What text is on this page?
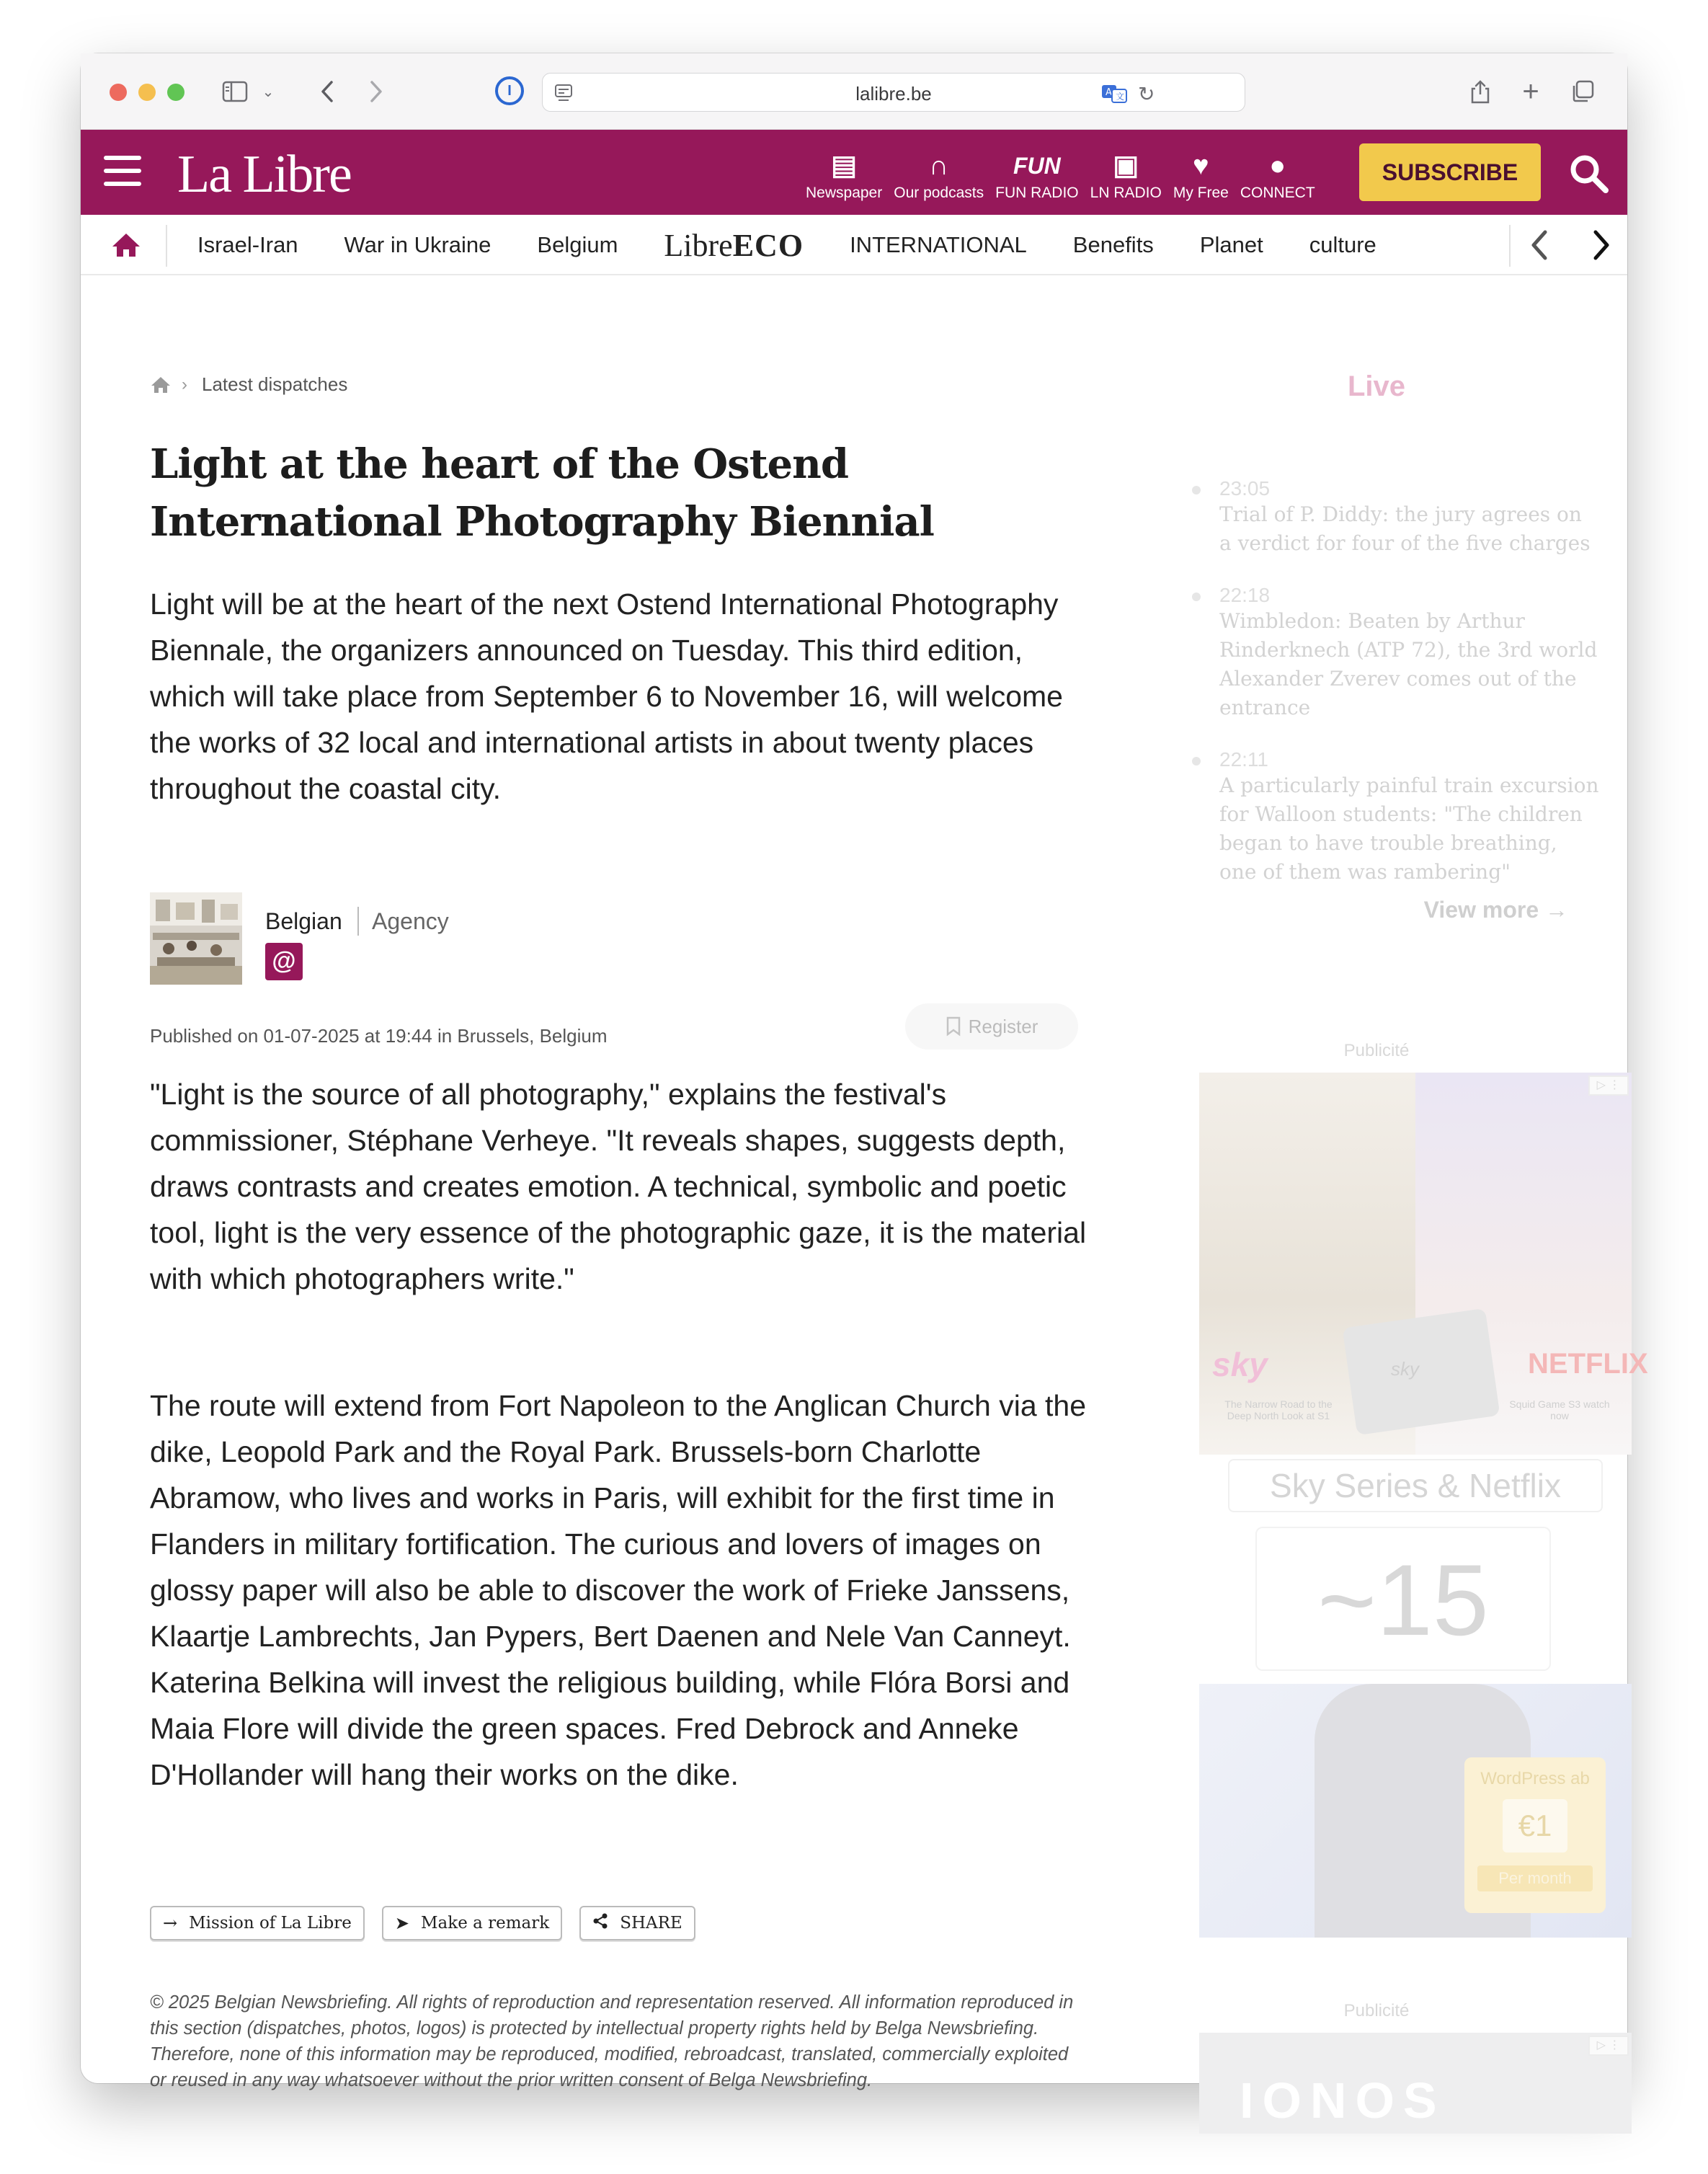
⌄	I	lalibre.be	A 文 ↻	+
La Libre	▤
Newspaper
∩
Our podcasts
FUN
FUN RADIO
▣
LN RADIO
♥
My Free
●
CONNECT
SUBSCRIBE
Israel-Iran	War in Ukraine	Belgium	LibreECO	INTERNATIONAL	Benefits	Planet	culture
› Latest dispatches
Light at the heart of the Ostend International Photography Biennial

Light will be at the heart of the next Ostend International Photography Biennale, the organizers announced on Tuesday. This third edition, which will take place from September 6 to November 16, will welcome the works of 32 local and international artists in about twenty places throughout the coastal city.

Belgian Agency
@
Published on 01-07-2025 at 19:44 in Brussels, Belgium	Register

"Light is the source of all photography," explains the festival's commissioner, Stéphane Verheye. "It reveals shapes, suggests depth, draws contrasts and creates emotion. A technical, symbolic and poetic tool, light is the very essence of the photographic gaze, it is the material with which photographers write."

The route will extend from Fort Napoleon to the Anglican Church via the dike, Leopold Park and the Royal Park. Brussels-born Charlotte Abramow, who lives and works in Paris, will exhibit for the first time in Flanders in military fortification. The curious and lovers of images on glossy paper will also be able to discover the work of Frieke Janssens, Klaartje Lambrechts, Jan Pypers, Bert Daenen and Nele Van Canneyt. Katerina Belkina will invest the religious building, while Flóra Borsi and Maia Flore will divide the green spaces. Fred Debrock and Anneke D'Hollander will hang their works on the dike.

→ Mission of La Libre	➤ Make a remark	SHARE

© 2025 Belgian Newsbriefing. All rights of reproduction and representation reserved. All information reproduced in this section (dispatches, photos, logos) is protected by intellectual property rights held by Belga Newsbriefing. Therefore, none of this information may be reproduced, modified, rebroadcast, translated, commercially exploited or reused in any way whatsoever without the prior written consent of Belga Newsbriefing.

Live
23:05
Trial of P. Diddy: the jury agrees on a verdict for four of the five charges
22:18
Wimbledon: Beaten by Arthur Rinderknech (ATP 72), the 3rd world Alexander Zverev comes out of the entrance
22:11
A particularly painful train excursion for Walloon students: "The children began to have trouble breathing, one of them was rambering"
View more →
Publicité
sky
sky	NETFLIX
The Narrow Road to the Deep North Look at S1
Squid Game S3 watch now
Sky Series & Netflix
~15
WordPress ab
€1
Per month
▷ ⋮
Publicité
IONOS
▷ ⋮
